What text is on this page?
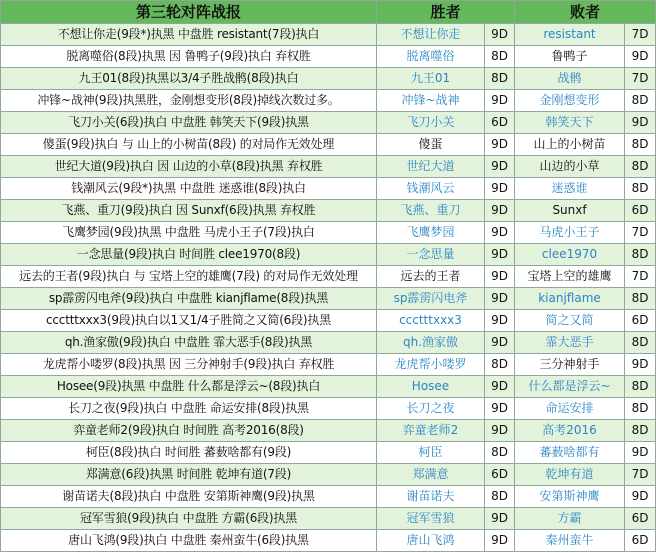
第三轮对阵战报	胜者		败者	
不想让你走(9段*)执黑 中盘胜 resistant(7段)执白	不想让你走	9D	resistant	7D
脱离噬俗(8段)执黑 因 鲁鸭子(9段)执白 弃权胜	脱离噬俗	8D	鲁鸭子	9D
九王01(8段)执黑以3/4子胜战鹘(8段)执白	九王01	8D	战鹘	7D
冲锋~战神(9段)执黑胜，金刚想变形(8段)掉线次数过多。	冲锋~战神	9D	金刚想变形	8D
飞刀小关(6段)执白 中盘胜 韩笑天下(9段)执黑	飞刀小关	6D	韩笑天下	9D
傻蛋(9段)执白 与 山上的小树苗(8段) 的对局作无效处理	傻蛋	9D	山上的小树苗	8D
世纪大道(9段)执白 因 山边的小草(8段)执黑 弃权胜	世纪大道	9D	山边的小草	8D
钱潮风云(9段*)执黑 中盘胜 迷惑谁(8段)执白	钱潮风云	9D	迷惑谁	8D
飞燕、重刀(9段)执白 因 Sunxf(6段)执黑 弃权胜	飞燕、重刀	9D	Sunxf	6D
飞鹰梦园(9段)执黑 中盘胜 马虎小王子(7段)执白	飞鹰梦园	9D	马虎小王子	7D
一念思量(9段)执白 时间胜 clee1970(8段)	一念思量	9D	clee1970	8D
远去的王者(9段)执白 与 宝塔上空的雄鹰(7段) 的对局作无效处理	远去的王者	9D	宝塔上空的雄鹰	7D
sp霹雳闪电斧(9段)执白 中盘胜 kianjflame(8段)执黑	sp霹雳闪电斧	9D	kianjflame	8D
ccctttxxx3(9段)执白以1又1/4子胜简之又简(6段)执黑	ccctttxxx3	9D	简之又简	6D
qh.渔家傲(9段)执白 中盘胜 霏大恶手(8段)执黑	qh.渔家傲	9D	霏大恶手	8D
龙虎帮小喽罗(8段)执黑 因 三分神射手(9段)执白 弃权胜	龙虎帮小喽罗	8D	三分神射手	9D
Hosee(9段)执黑 中盘胜 什么都是浮云~(8段)执白	Hosee	9D	什么都是浮云~	8D
长刀之夜(9段)执白 中盘胜 命运安排(8段)执黑	长刀之夜	9D	命运安排	8D
弈童老师2(9段)执白 时间胜 高考2016(8段)	弈童老师2	9D	高考2016	8D
柯臣(8段)执白 时间胜 蕃薮啥都有(9段)	柯臣	8D	蕃薮啥都有	9D
郑满意(6段)执黑 时间胜 乾坤有道(7段)	郑满意	6D	乾坤有道	7D
谢苗诺夫(8段)执白 中盘胜 安第斯神鹰(9段)执黑	谢苗诺夫	8D	安第斯神鹰	9D
冠军雪狼(9段)执白 中盘胜 方霸(6段)执黑	冠军雪狼	9D	方霸	6D
唐山飞鸿(9段)执白 中盘胜 秦州蛮牛(6段)执黑	唐山飞鸿	9D	秦州蛮牛	6D
